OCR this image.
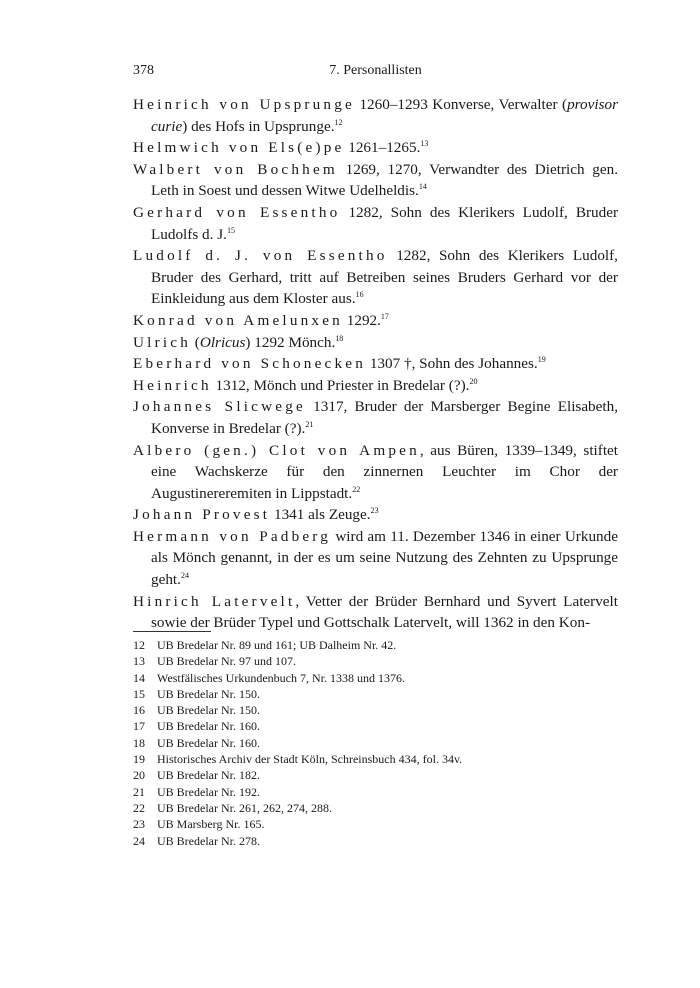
378	7. Personallisten

Heinrich von Upsprunge 1260–1293 Konverse, Verwalter (provisor curie) des Hofs in Upsprunge.$^{12}$

Helmwich von Els(e)pe 1261–1265.13

Walbert von Bochhem 1269, 1270, Verwandter des Dietrich gen. Leth in Soest und dessen Witwe Udelheldis.$^{14}$

Gerhard von Essentho 1282, Sohn des Klerikers Ludolf, Bruder Ludolfs d. J.$^{15}$

Ludolf d. J. von Essentho 1282, Sohn des Klerikers Ludolf, Bruder des Gerhard, tritt auf Betreiben seines Bruders Gerhard vor der Einkleidung aus dem Kloster aus.$^{16}$

Konrad von Amelunxen 1292.17

Ulrich (Olricus) 1292 Mönch.$^{18}$

Eberhard von Schonecken 1307 †, Sohn des Johannes.$^{19}$

Heinrich 1312, Mönch und Priester in Bredelar (?).$^{20}$

Johannes Slicwege 1317, Bruder der Marsberger Begine Elisabeth, Konverse in Bredelar (?).$^{21}$

Albero (gen.) Clot von Ampen, aus Büren, 1339–1349, stiftet eine Wachskerze für den zinnernen Leuchter im Chor der Augustinereremiten in Lippstadt.$^{22}$

Johann Provest 1341 als Zeuge.$^{23}$

Hermann von Padberg wird am 11. Dezember 1346 in einer Urkunde als Mönch genannt, in der es um seine Nutzung des Zehnten zu Upsprunge geht.$^{24}$

Hinrich Latervelt, Vetter der Brüder Bernhard und Syvert Latervelt sowie der Brüder Typel und Gottschalk Latervelt, will 1362 in den Kon-

12	UB Bredelar Nr. 89 und 161; UB Dalheim Nr. 42.
13	UB Bredelar Nr. 97 und 107.
14	Westfälisches Urkundenbuch 7, Nr. 1338 und 1376.
15	UB Bredelar Nr. 150.
16	UB Bredelar Nr. 150.
17	UB Bredelar Nr. 160.
18	UB Bredelar Nr. 160.
19	Historisches Archiv der Stadt Köln, Schreinsbuch 434, fol. 34v.
20	UB Bredelar Nr. 182.
21	UB Bredelar Nr. 192.
22	UB Bredelar Nr. 261, 262, 274, 288.
23	UB Marsberg Nr. 165.
24	UB Bredelar Nr. 278.
